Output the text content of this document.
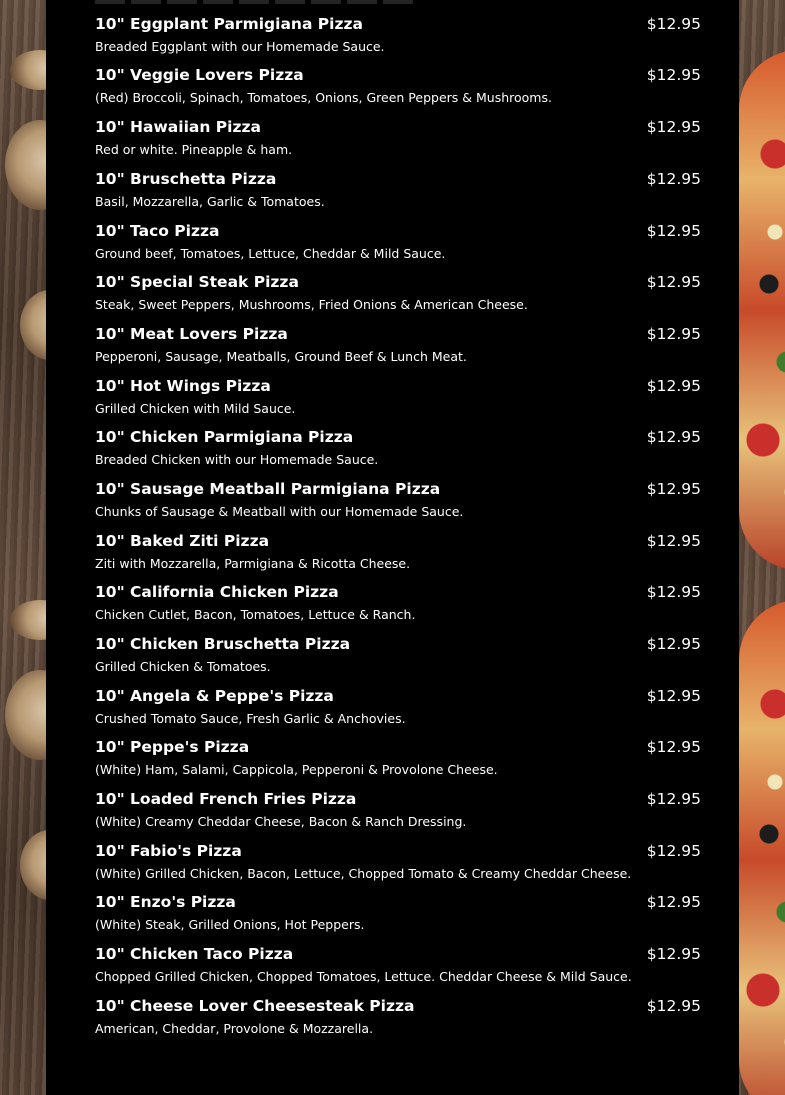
10" Eggplant Parmigiana Pizza	$12.95
Breaded Eggplant with our Homemade Sauce.
10" Veggie Lovers Pizza	$12.95
(Red) Broccoli, Spinach, Tomatoes, Onions, Green Peppers & Mushrooms.
10" Hawaiian Pizza	$12.95
Red or white. Pineapple & ham.
10" Bruschetta Pizza	$12.95
Basil, Mozzarella, Garlic & Tomatoes.
10" Taco Pizza	$12.95
Ground beef, Tomatoes, Lettuce, Cheddar & Mild Sauce.
10" Special Steak Pizza	$12.95
Steak, Sweet Peppers, Mushrooms, Fried Onions & American Cheese.
10" Meat Lovers Pizza	$12.95
Pepperoni, Sausage, Meatballs, Ground Beef & Lunch Meat.
10" Hot Wings Pizza	$12.95
Grilled Chicken with Mild Sauce.
10" Chicken Parmigiana Pizza	$12.95
Breaded Chicken with our Homemade Sauce.
10" Sausage Meatball Parmigiana Pizza	$12.95
Chunks of Sausage & Meatball with our Homemade Sauce.
10" Baked Ziti Pizza	$12.95
Ziti with Mozzarella, Parmigiana & Ricotta Cheese.
10" California Chicken Pizza	$12.95
Chicken Cutlet, Bacon, Tomatoes, Lettuce & Ranch.
10" Chicken Bruschetta Pizza	$12.95
Grilled Chicken & Tomatoes.
10" Angela & Peppe's Pizza	$12.95
Crushed Tomato Sauce, Fresh Garlic & Anchovies.
10" Peppe's Pizza	$12.95
(White) Ham, Salami, Cappicola, Pepperoni & Provolone Cheese.
10" Loaded French Fries Pizza	$12.95
(White) Creamy Cheddar Cheese, Bacon & Ranch Dressing.
10" Fabio's Pizza	$12.95
(White) Grilled Chicken, Bacon, Lettuce, Chopped Tomato & Creamy Cheddar Cheese.
10" Enzo's Pizza	$12.95
(White) Steak, Grilled Onions, Hot Peppers.
10" Chicken Taco Pizza	$12.95
Chopped Grilled Chicken, Chopped Tomatoes, Lettuce. Cheddar Cheese & Mild Sauce.
10" Cheese Lover Cheesesteak Pizza	$12.95
American, Cheddar, Provolone & Mozzarella.
